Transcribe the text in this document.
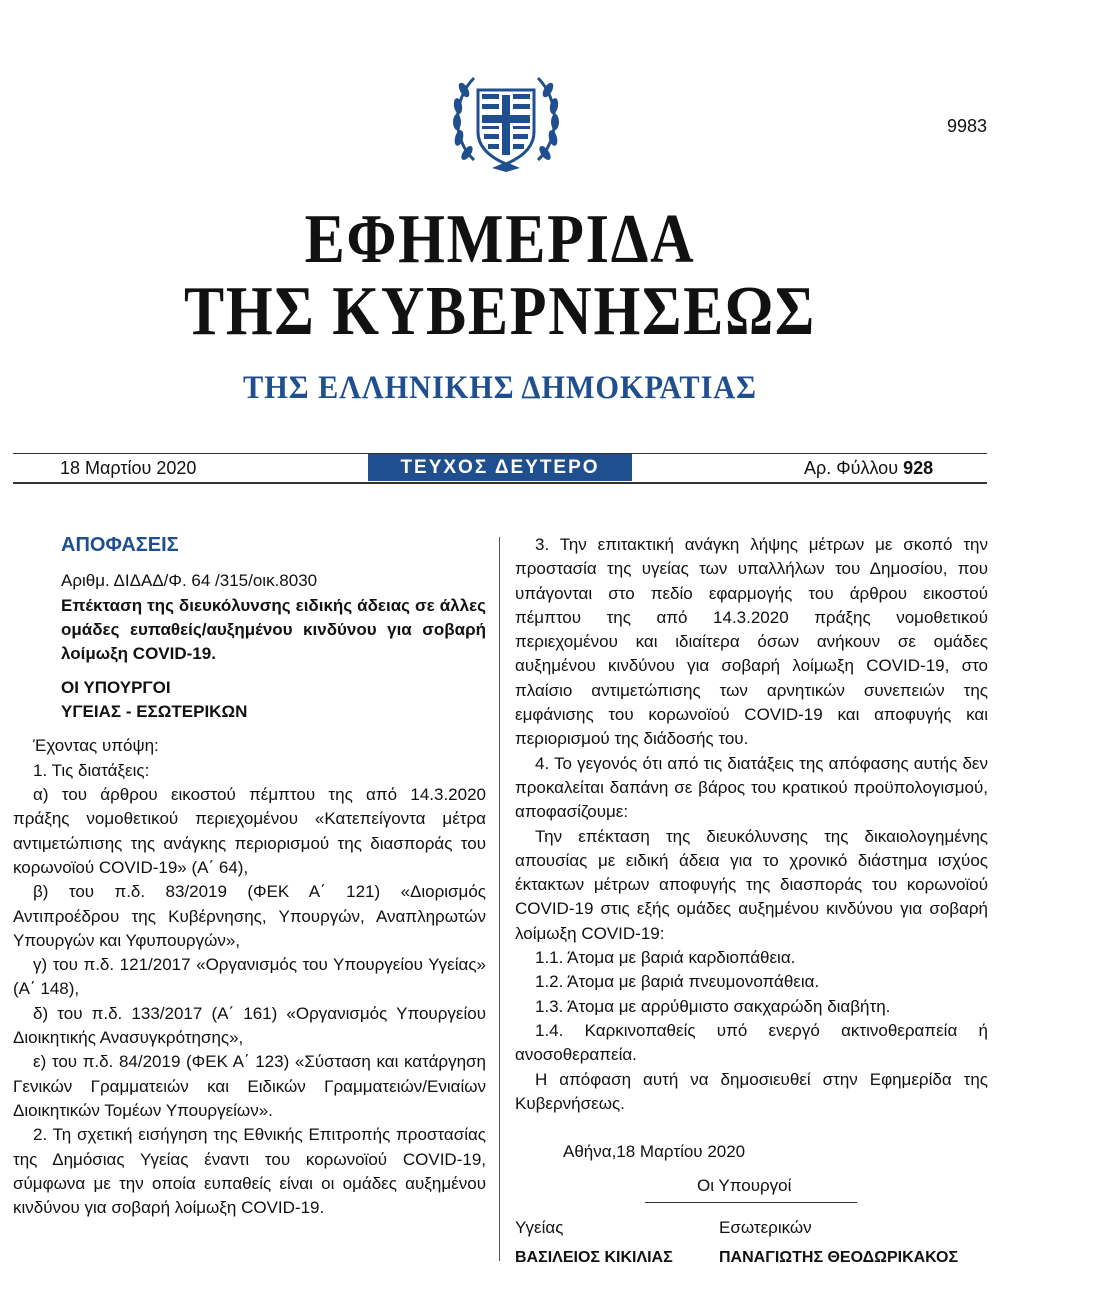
9983
ΕΦΗΜΕΡΙΔΑ
ΤΗΣ ΚΥΒΕΡΝΗΣΕΩΣ
ΤΗΣ ΕΛΛΗΝΙΚΗΣ ΔΗΜΟΚΡΑΤΙΑΣ
18 Μαρτίου 2020	ΤΕΥΧΟΣ ΔΕΥΤΕΡΟ	Αρ. Φύλλου 928
ΑΠΟΦΑΣΕΙΣ
Αριθμ. ΔΙΔΑΔ/Φ. 64 /315/οικ.8030
Επέκταση της διευκόλυνσης ειδικής άδειας σε άλλες ομάδες ευπαθείς/αυξημένου κινδύνου για σοβαρή λοίμωξη COVID-19.
ΟΙ ΥΠΟΥΡΓΟΙ
ΥΓΕΙΑΣ - ΕΣΩΤΕΡΙΚΩΝ
Έχοντας υπόψη:
1. Τις διατάξεις:
α) του άρθρου εικοστού πέμπτου της από 14.3.2020 πράξης νομοθετικού περιεχομένου «Κατεπείγοντα μέτρα αντιμετώπισης της ανάγκης περιορισμού της διασποράς του κορωνοϊού COVID-19» (Α΄ 64),
β) του π.δ. 83/2019 (ΦΕΚ Α΄ 121) «Διορισμός Αντιπροέδρου της Κυβέρνησης, Υπουργών, Αναπληρωτών Υπουργών και Υφυπουργών»,
γ) του π.δ. 121/2017 «Οργανισμός του Υπουργείου Υγείας» (Α΄ 148),
δ) του π.δ. 133/2017 (Α΄ 161) «Οργανισμός Υπουργείου Διοικητικής Ανασυγκρότησης»,
ε) του π.δ. 84/2019 (ΦΕΚ Α΄ 123) «Σύσταση και κατάργηση Γενικών Γραμματειών και Ειδικών Γραμματειών/Ενιαίων Διοικητικών Τομέων Υπουργείων».
2. Τη σχετική εισήγηση της Εθνικής Επιτροπής προστασίας της Δημόσιας Υγείας έναντι του κορωνοϊού COVID-19, σύμφωνα με την οποία ευπαθείς είναι οι ομάδες αυξημένου κινδύνου για σοβαρή λοίμωξη COVID-19.
3. Την επιτακτική ανάγκη λήψης μέτρων με σκοπό την προστασία της υγείας των υπαλλήλων του Δημοσίου, που υπάγονται στο πεδίο εφαρμογής του άρθρου εικοστού πέμπτου της από 14.3.2020 πράξης νομοθετικού περιεχομένου και ιδιαίτερα όσων ανήκουν σε ομάδες αυξημένου κινδύνου για σοβαρή λοίμωξη COVID-19, στο πλαίσιο αντιμετώπισης των αρνητικών συνεπειών της εμφάνισης του κορωνοϊού COVID-19 και αποφυγής και περιορισμού της διάδοσής του.
4. Το γεγονός ότι από τις διατάξεις της απόφασης αυτής δεν προκαλείται δαπάνη σε βάρος του κρατικού προϋπολογισμού, αποφασίζουμε:
Την επέκταση της διευκόλυνσης της δικαιολογημένης απουσίας με ειδική άδεια για το χρονικό διάστημα ισχύος έκτακτων μέτρων αποφυγής της διασποράς του κορωνοϊού COVID-19 στις εξής ομάδες αυξημένου κινδύνου για σοβαρή λοίμωξη COVID-19:
1.1. Άτομα με βαριά καρδιοπάθεια.
1.2. Άτομα με βαριά πνευμονοπάθεια.
1.3. Άτομα με αρρύθμιστο σακχαρώδη διαβήτη.
1.4. Καρκινοπαθείς υπό ενεργό ακτινοθεραπεία ή ανοσοθεραπεία.
Η απόφαση αυτή να δημοσιευθεί στην Εφημερίδα της Κυβερνήσεως.
Αθήνα,18 Μαρτίου 2020
Οι Υπουργοί
Υγείας	Εσωτερικών
ΒΑΣΙΛΕΙΟΣ ΚΙΚΙΛΙΑΣ	ΠΑΝΑΓΙΩΤΗΣ ΘΕΟΔΩΡΙΚΑΚΟΣ
